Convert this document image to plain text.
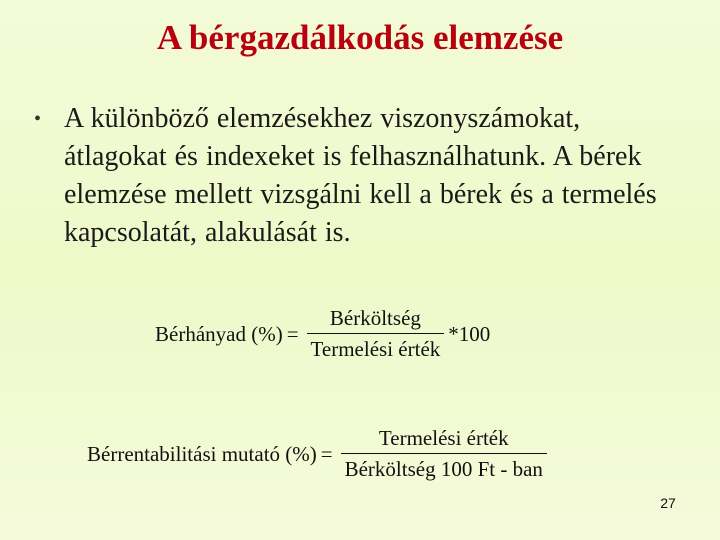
A bérgazdálkodás elemzése
• A különböző elemzésekhez viszonyszámokat, átlagokat és indexeket is felhasználhatunk. A bérek elemzése mellett vizsgálni kell a bérek és a termelés kapcsolatát, alakulását is.
Bérhányad (%) = $\frac{\text{Bérköltség}}{\text{Termelési érték}} *100$
Bérrentabilitási mutató (%) = $\frac{\text{Termelési érték}}{\text{Bérköltség 100 Ft - ban}}$
27
